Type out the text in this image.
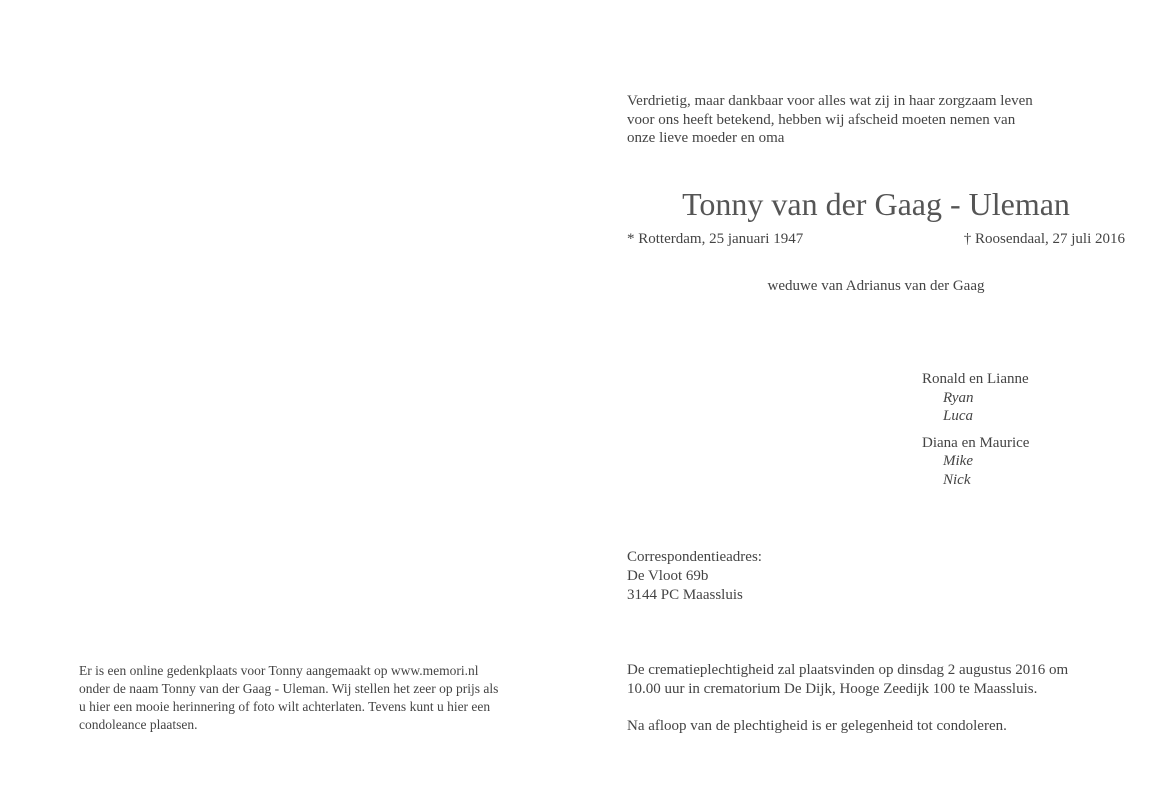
Verdrietig, maar dankbaar voor alles wat zij in haar zorgzaam leven
voor ons heeft betekend, hebben wij afscheid moeten nemen van
onze lieve moeder en oma
Tonny van der Gaag - Uleman
* Rotterdam, 25 januari 1947	† Roosendaal, 27 juli 2016
weduwe van Adrianus van der Gaag
Ronald en Lianne
Ryan
Luca
Diana en Maurice
Mike
Nick
Correspondentieadres:
De Vloot 69b
3144 PC Maassluis
Er is een online gedenkplaats voor Tonny aangemaakt op www.memori.nl
onder de naam Tonny van der Gaag - Uleman. Wij stellen het zeer op prijs als
u hier een mooie herinnering of foto wilt achterlaten. Tevens kunt u hier een
condoleance plaatsen.
De crematieplechtigheid zal plaatsvinden op dinsdag 2 augustus 2016 om
10.00 uur in crematorium De Dijk, Hooge Zeedijk 100 te Maassluis.
Na afloop van de plechtigheid is er gelegenheid tot condoleren.
